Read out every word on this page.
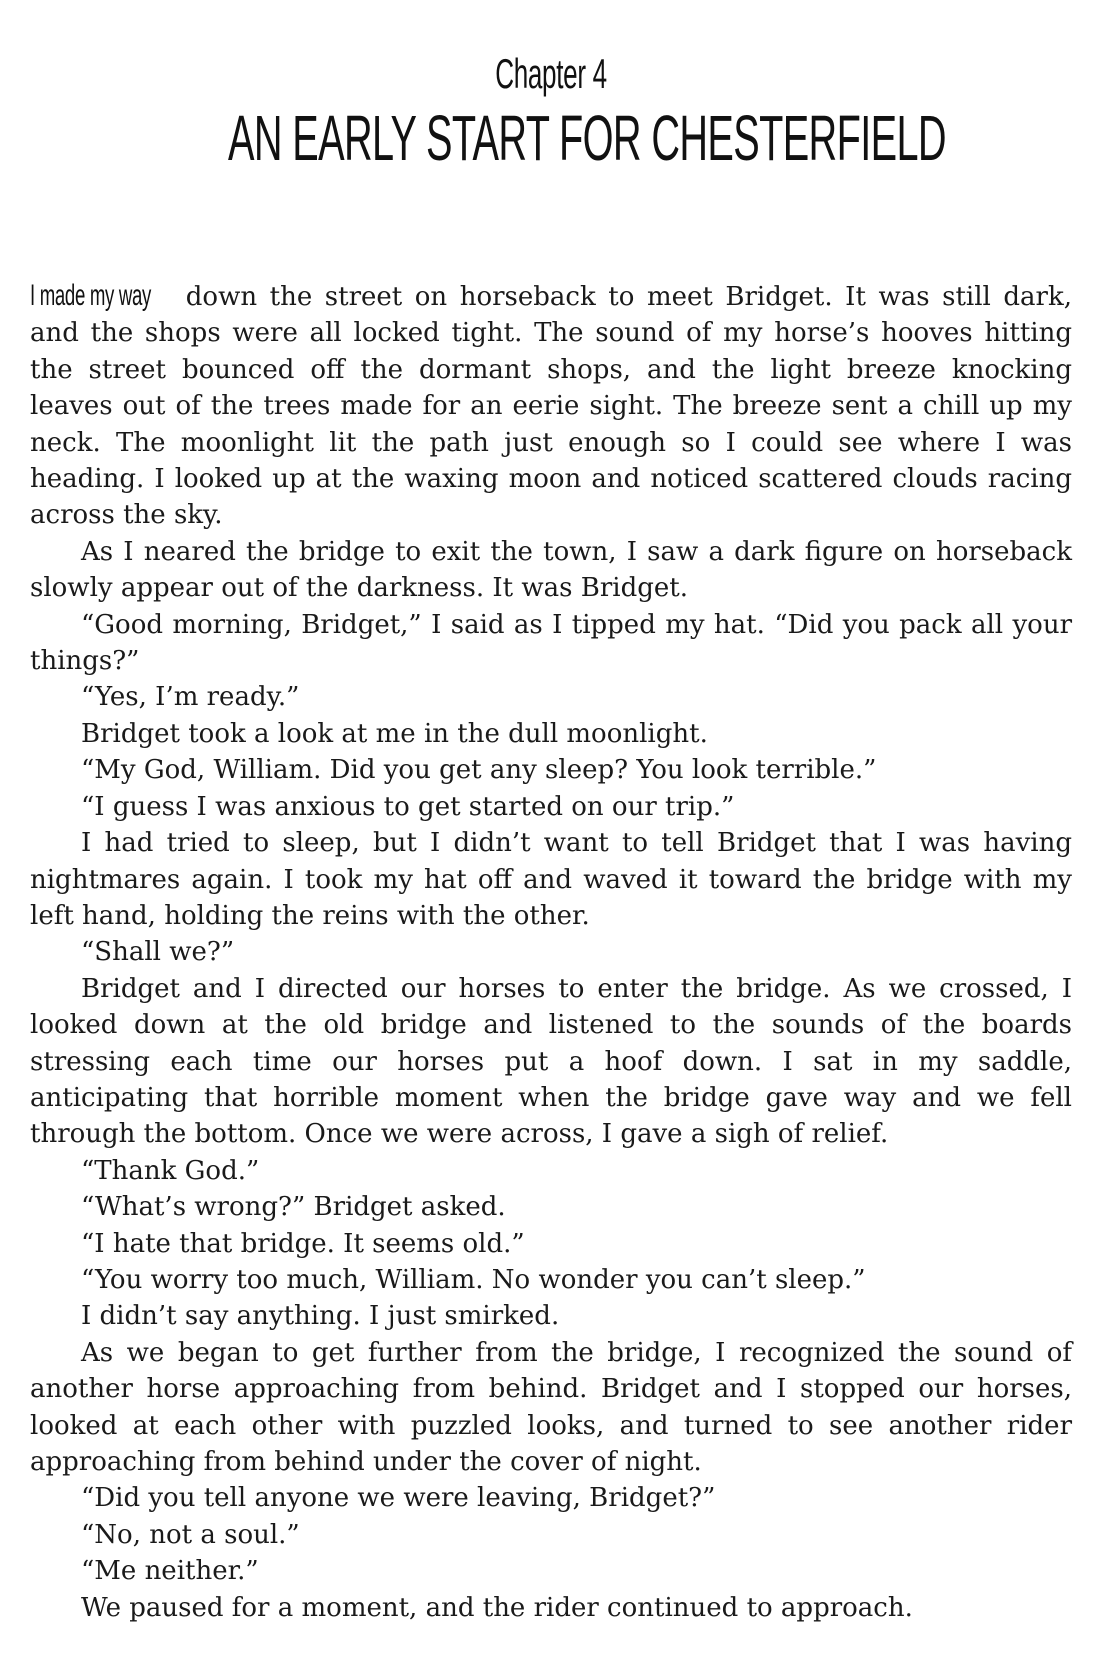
Chapter 4
AN EARLY START FOR CHESTERFIELD

I made my way down the street on horseback to meet Bridget. It was still dark, and the shops were all locked tight. The sound of my horse’s hooves hitting the street bounced off the dormant shops, and the light breeze knocking leaves out of the trees made for an eerie sight. The breeze sent a chill up my neck. The moonlight lit the path just enough so I could see where I was heading. I looked up at the waxing moon and noticed scattered clouds racing across the sky.

As I neared the bridge to exit the town, I saw a dark figure on horseback slowly appear out of the darkness. It was Bridget.

“Good morning, Bridget,” I said as I tipped my hat. “Did you pack all your things?”

“Yes, I’m ready.”

Bridget took a look at me in the dull moonlight.

“My God, William. Did you get any sleep? You look terrible.”

“I guess I was anxious to get started on our trip.”

I had tried to sleep, but I didn’t want to tell Bridget that I was having nightmares again. I took my hat off and waved it toward the bridge with my left hand, holding the reins with the other.

“Shall we?”

Bridget and I directed our horses to enter the bridge. As we crossed, I looked down at the old bridge and listened to the sounds of the boards stressing each time our horses put a hoof down. I sat in my saddle, anticipating that horrible moment when the bridge gave way and we fell through the bottom. Once we were across, I gave a sigh of relief.

“Thank God.”

“What’s wrong?” Bridget asked.

“I hate that bridge. It seems old.”

“You worry too much, William. No wonder you can’t sleep.”

I didn’t say anything. I just smirked.

As we began to get further from the bridge, I recognized the sound of another horse approaching from behind. Bridget and I stopped our horses, looked at each other with puzzled looks, and turned to see another rider approaching from behind under the cover of night.

“Did you tell anyone we were leaving, Bridget?”

“No, not a soul.”

“Me neither.”

We paused for a moment, and the rider continued to approach.
